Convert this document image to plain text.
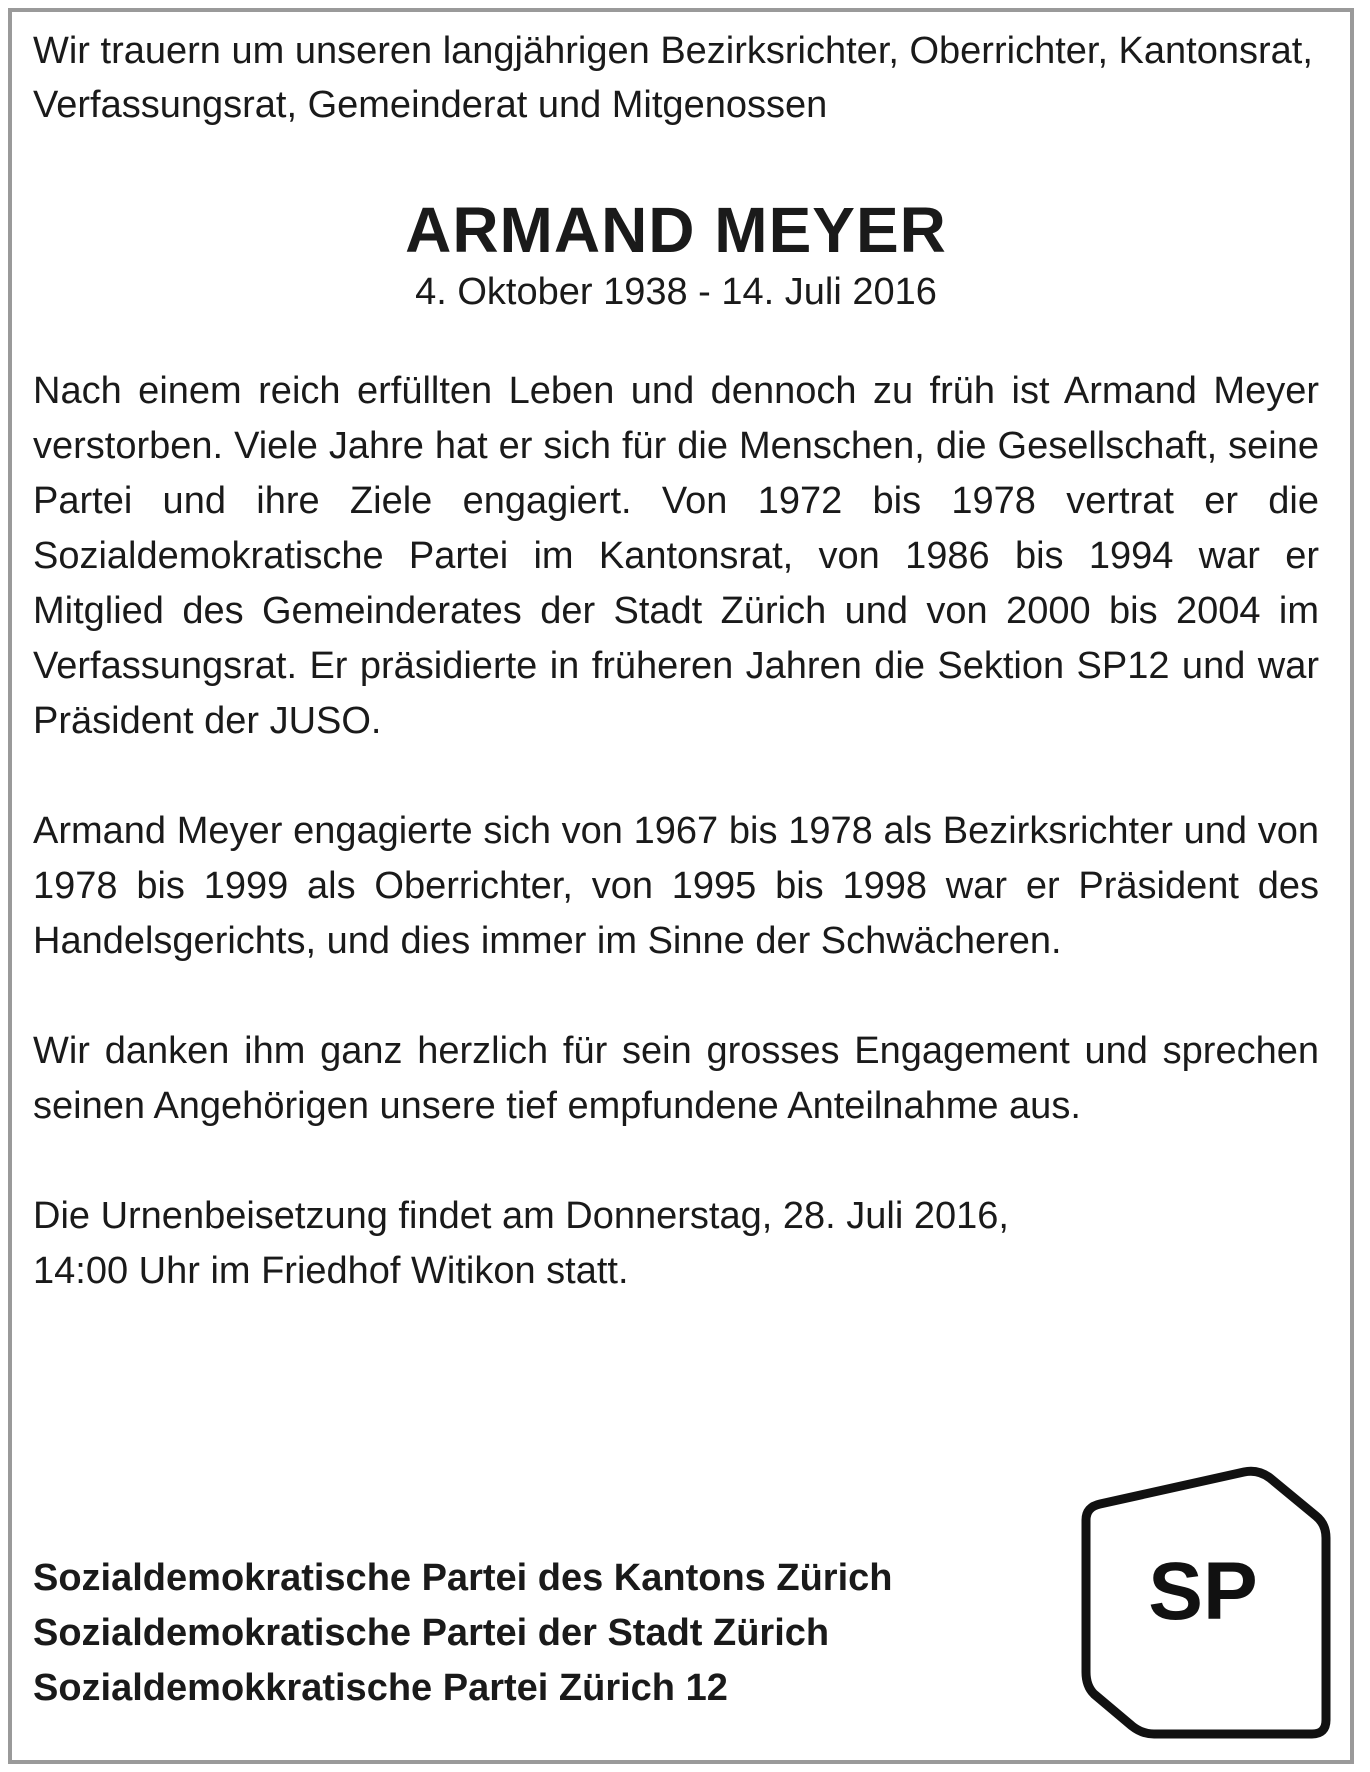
Wir trauern um unseren langjährigen Bezirksrichter, Oberrichter, Kantonsrat, Verfassungsrat, Gemeinderat und Mitgenossen

ARMAND MEYER

4. Oktober 1938 - 14. Juli 2016

Nach einem reich erfüllten Leben und dennoch zu früh ist Armand Meyer verstorben. Viele Jahre hat er sich für die Menschen, die Gesellschaft, seine Partei und ihre Ziele engagiert. Von 1972 bis 1978 vertrat er die Sozialdemokratische Partei im Kantonsrat, von 1986 bis 1994 war er Mitglied des Gemeinderates der Stadt Zürich und von 2000 bis 2004 im Verfassungsrat. Er präsidierte in früheren Jahren die Sektion SP12 und war Präsident der JUSO.

Armand Meyer engagierte sich von 1967 bis 1978 als Bezirksrichter und von 1978 bis 1999 als Oberrichter, von 1995 bis 1998 war er Präsident des Handelsgerichts, und dies immer im Sinne der Schwächeren.

Wir danken ihm ganz herzlich für sein grosses Engagement und sprechen seinen Angehörigen unsere tief empfundene Anteilnahme aus.

Die Urnenbeisetzung findet am Donnerstag, 28. Juli 2016, 14:00 Uhr im Friedhof Witikon statt.

Sozialdemokratische Partei des Kantons Zürich

Sozialdemokratische Partei der Stadt Zürich

Sozialdemokkratische Partei Zürich 12

SP
